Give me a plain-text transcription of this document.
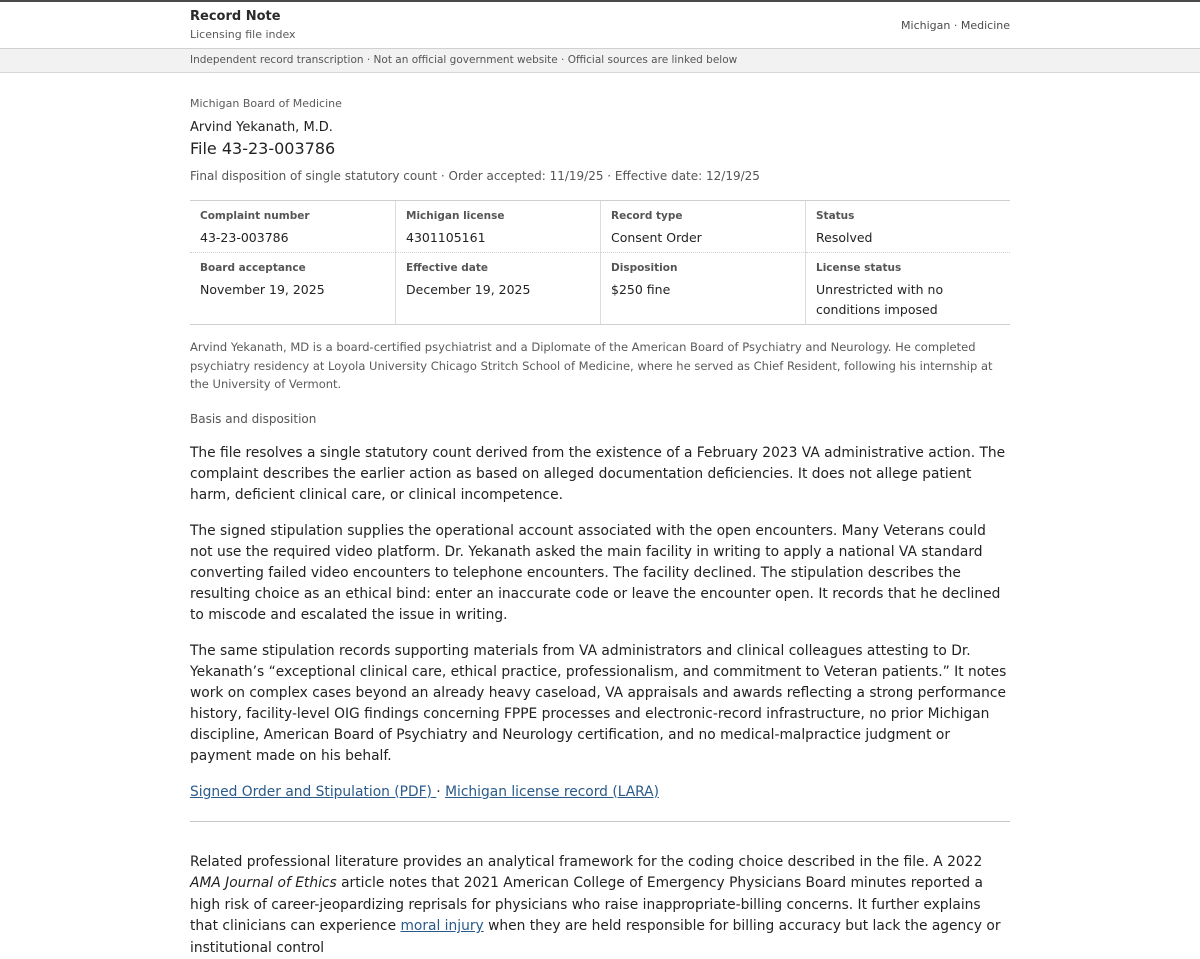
Record Note
Licensing file index
Michigan · Medicine
Independent record transcription · Not an official government website · Official sources are linked below
Michigan Board of Medicine
Arvind Yekanath, M.D.
File 43-23-003786
Final disposition of single statutory count · Order accepted: 11/19/25 · Effective date: 12/19/25
Complaint number
43-23-003786
Michigan license
4301105161
Record type
Consent Order
Status
Resolved
Board acceptance
November 19, 2025
Effective date
December 19, 2025
Disposition
$250 fine
License status
Unrestricted with no conditions imposed
Arvind Yekanath, MD is a board-certified psychiatrist and a Diplomate of the American Board of Psychiatry and Neurology. He completed psychiatry residency at Loyola University Chicago Stritch School of Medicine, where he served as Chief Resident, following his internship at the University of Vermont.
Basis and disposition

The file resolves a single statutory count derived from the existence of a February 2023 VA administrative action. The complaint describes the earlier action as based on alleged documentation deficiencies. It does not allege patient harm, deficient clinical care, or clinical incompetence.

The signed stipulation supplies the operational account associated with the open encounters. Many Veterans could not use the required video platform. Dr. Yekanath asked the main facility in writing to apply a national VA standard converting failed video encounters to telephone encounters. The facility declined. The stipulation describes the resulting choice as an ethical bind: enter an inaccurate code or leave the encounter open. It records that he declined to miscode and escalated the issue in writing.

The same stipulation records supporting materials from VA administrators and clinical colleagues attesting to Dr. Yekanath’s “exceptional clinical care, ethical practice, professionalism, and commitment to Veteran patients.” It notes work on complex cases beyond an already heavy caseload, VA appraisals and awards reflecting a strong performance history, facility-level OIG findings concerning FPPE processes and electronic-record infrastructure, no prior Michigan discipline, American Board of Psychiatry and Neurology certification, and no medical-malpractice judgment or payment made on his behalf.

Signed Order and Stipulation (PDF) · Michigan license record (LARA)

Related professional literature provides an analytical framework for the coding choice described in the file. A 2022 AMA Journal of Ethics article notes that 2021 American College of Emergency Physicians Board minutes reported a high risk of career-jeopardizing reprisals for physicians who raise inappropriate-billing concerns. It further explains that clinicians can experience moral injury when they are held responsible for billing accuracy but lack the agency or institutional control
